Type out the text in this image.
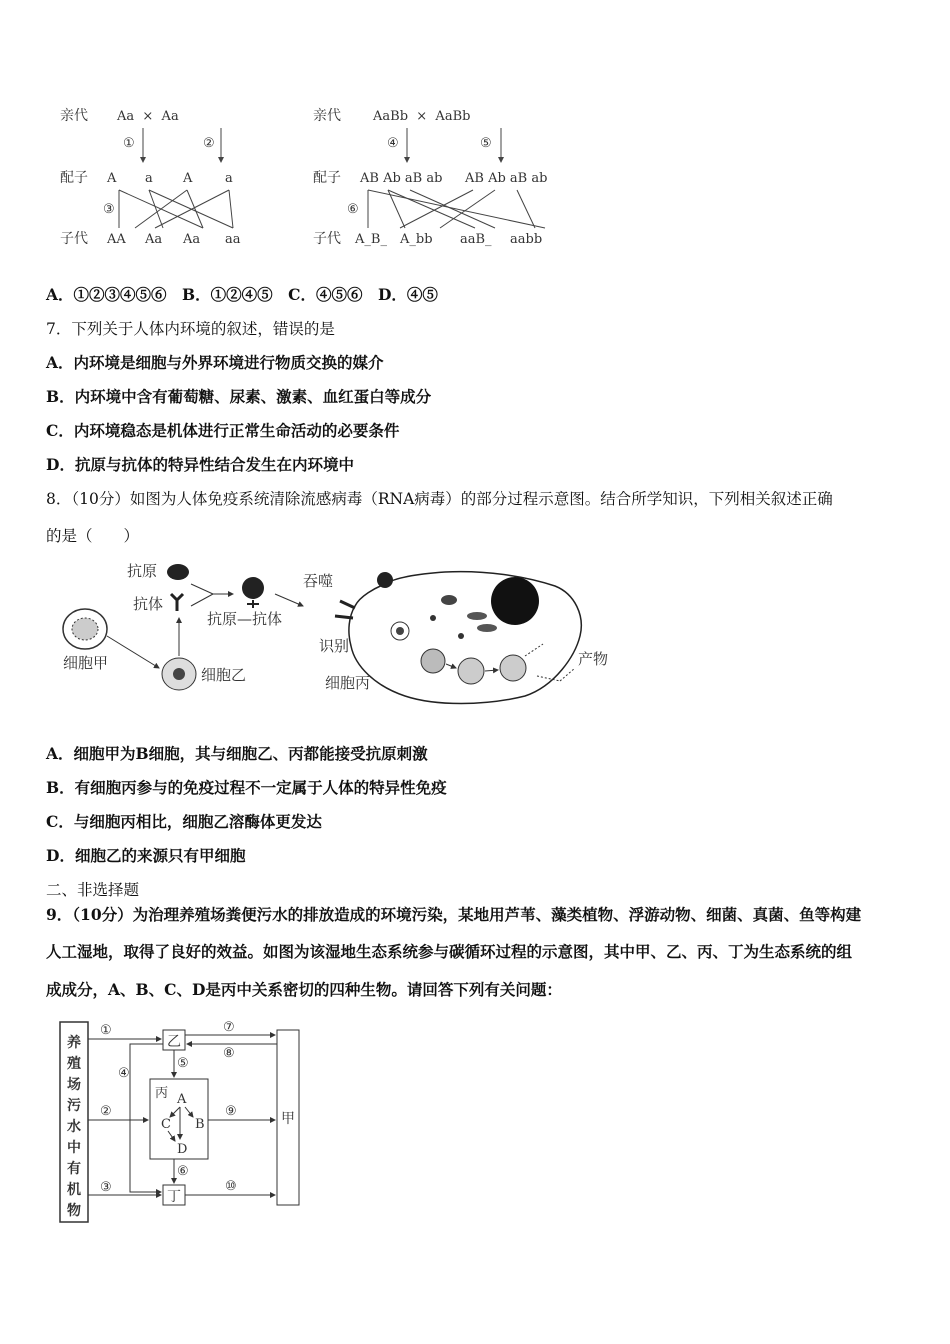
亲代 Aa  ×  Aa
①	②
配子 A a A	a
③
子代 AA Aa Aa aa
亲代 AaBb  ×  AaBb
④	⑤
配子 AB Ab aB ab AB Ab aB ab
⑥
子代 A_B_ A_bb aaB_ aabb
A．①②③④⑤⑥　B．①②④⑤　C．④⑤⑥　D．④⑤
7．下列关于人体内环境的叙述，错误的是
A．内环境是细胞与外界环境进行物质交换的媒介
B．内环境中含有葡萄糖、尿素、激素、血红蛋白等成分
C．内环境稳态是机体进行正常生命活动的必要条件
D．抗原与抗体的特异性结合发生在内环境中
8．（10分）如图为人体免疫系统清除流感病毒（RNA病毒）的部分过程示意图。结合所学知识，下列相关叙述正确
的是（　　）
抗原
抗体
抗原—抗体
吞噬
识别
细胞丙
产物
细胞甲
细胞乙
A．细胞甲为B细胞，其与细胞乙、丙都能接受抗原刺激
B．有细胞丙参与的免疫过程不一定属于人体的特异性免疫
C．与细胞丙相比，细胞乙溶酶体更发达
D．细胞乙的来源只有甲细胞
二、非选择题
9．（10分）为治理养殖场粪便污水的排放造成的环境污染，某地用芦苇、藻类植物、浮游动物、细菌、真菌、鱼等构建
人工湿地，取得了良好的效益。如图为该湿地生态系统参与碳循环过程的示意图，其中甲、乙、丙、丁为生态系统的组
成成分，A、B、C、D是丙中关系密切的四种生物。请回答下列有关问题：
养
殖
场
污
水
中
有
机
物
乙
丙 A
B
C
D
丁
甲
①
②
③
④
⑤
⑥
⑦
⑧
⑨
⑩
